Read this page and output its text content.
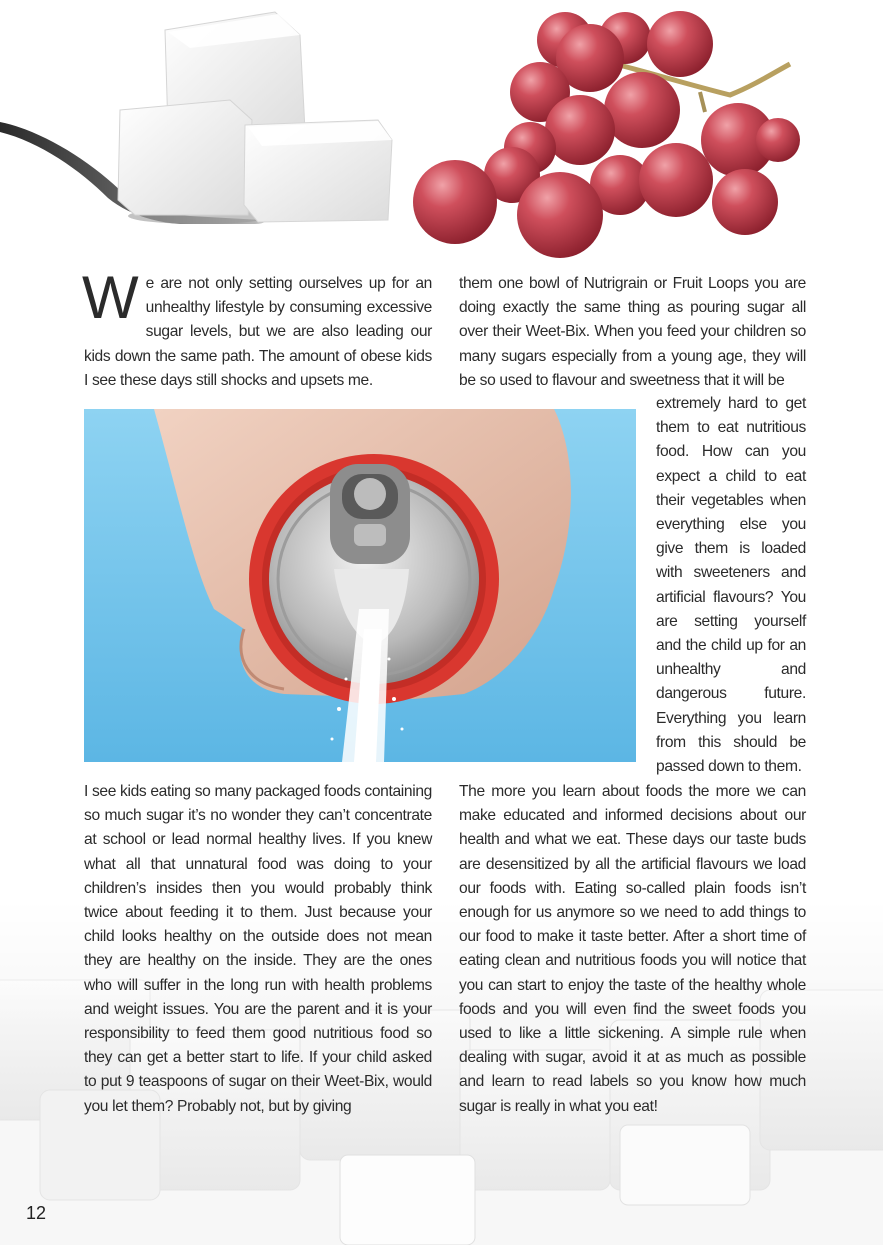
We are not only setting ourselves up for an unhealthy lifestyle by consuming excessive sugar levels, but we are also leading our kids down the same path. The amount of obese kids I see these days still shocks and upsets me.
them one bowl of Nutrigrain or Fruit Loops you are doing exactly the same thing as pouring sugar all over their Weet-Bix. When you feed your children so many sugars especially from a young age, they will be so used to flavour and sweetness that it will be
extremely hard to get them to eat nutritious food. How can you expect a child to eat their vegetables when everything else you give them is loaded with sweeteners and artificial flavours? You are setting yourself and the child up for an unhealthy and dangerous future. Everything you learn from this should be passed down to them.
I see kids eating so many packaged foods containing so much sugar it’s no wonder they can’t concentrate at school or lead normal healthy lives. If you knew what all that unnatural food was doing to your children’s insides then you would probably think twice about feeding it to them. Just because your child looks healthy on the outside does not mean they are healthy on the inside. They are the ones who will suffer in the long run with health problems and weight issues. You are the parent and it is your responsibility to feed them good nutritious food so they can get a better start to life. If your child asked to put 9 teaspoons of sugar on their Weet-Bix, would you let them? Probably not, but by giving
The more you learn about foods the more we can make educated and informed decisions about our health and what we eat. These days our taste buds are desensitized by all the artificial flavours we load our foods with. Eating so-called plain foods isn’t enough for us anymore so we need to add things to our food to make it taste better. After a short time of eating clean and nutritious foods you will notice that you can start to enjoy the taste of the healthy whole foods and you will even find the sweet foods you used to like a little sickening. A simple rule when dealing with sugar, avoid it at as much as possible and learn to read labels so you know how much sugar is really in what you eat!
12
